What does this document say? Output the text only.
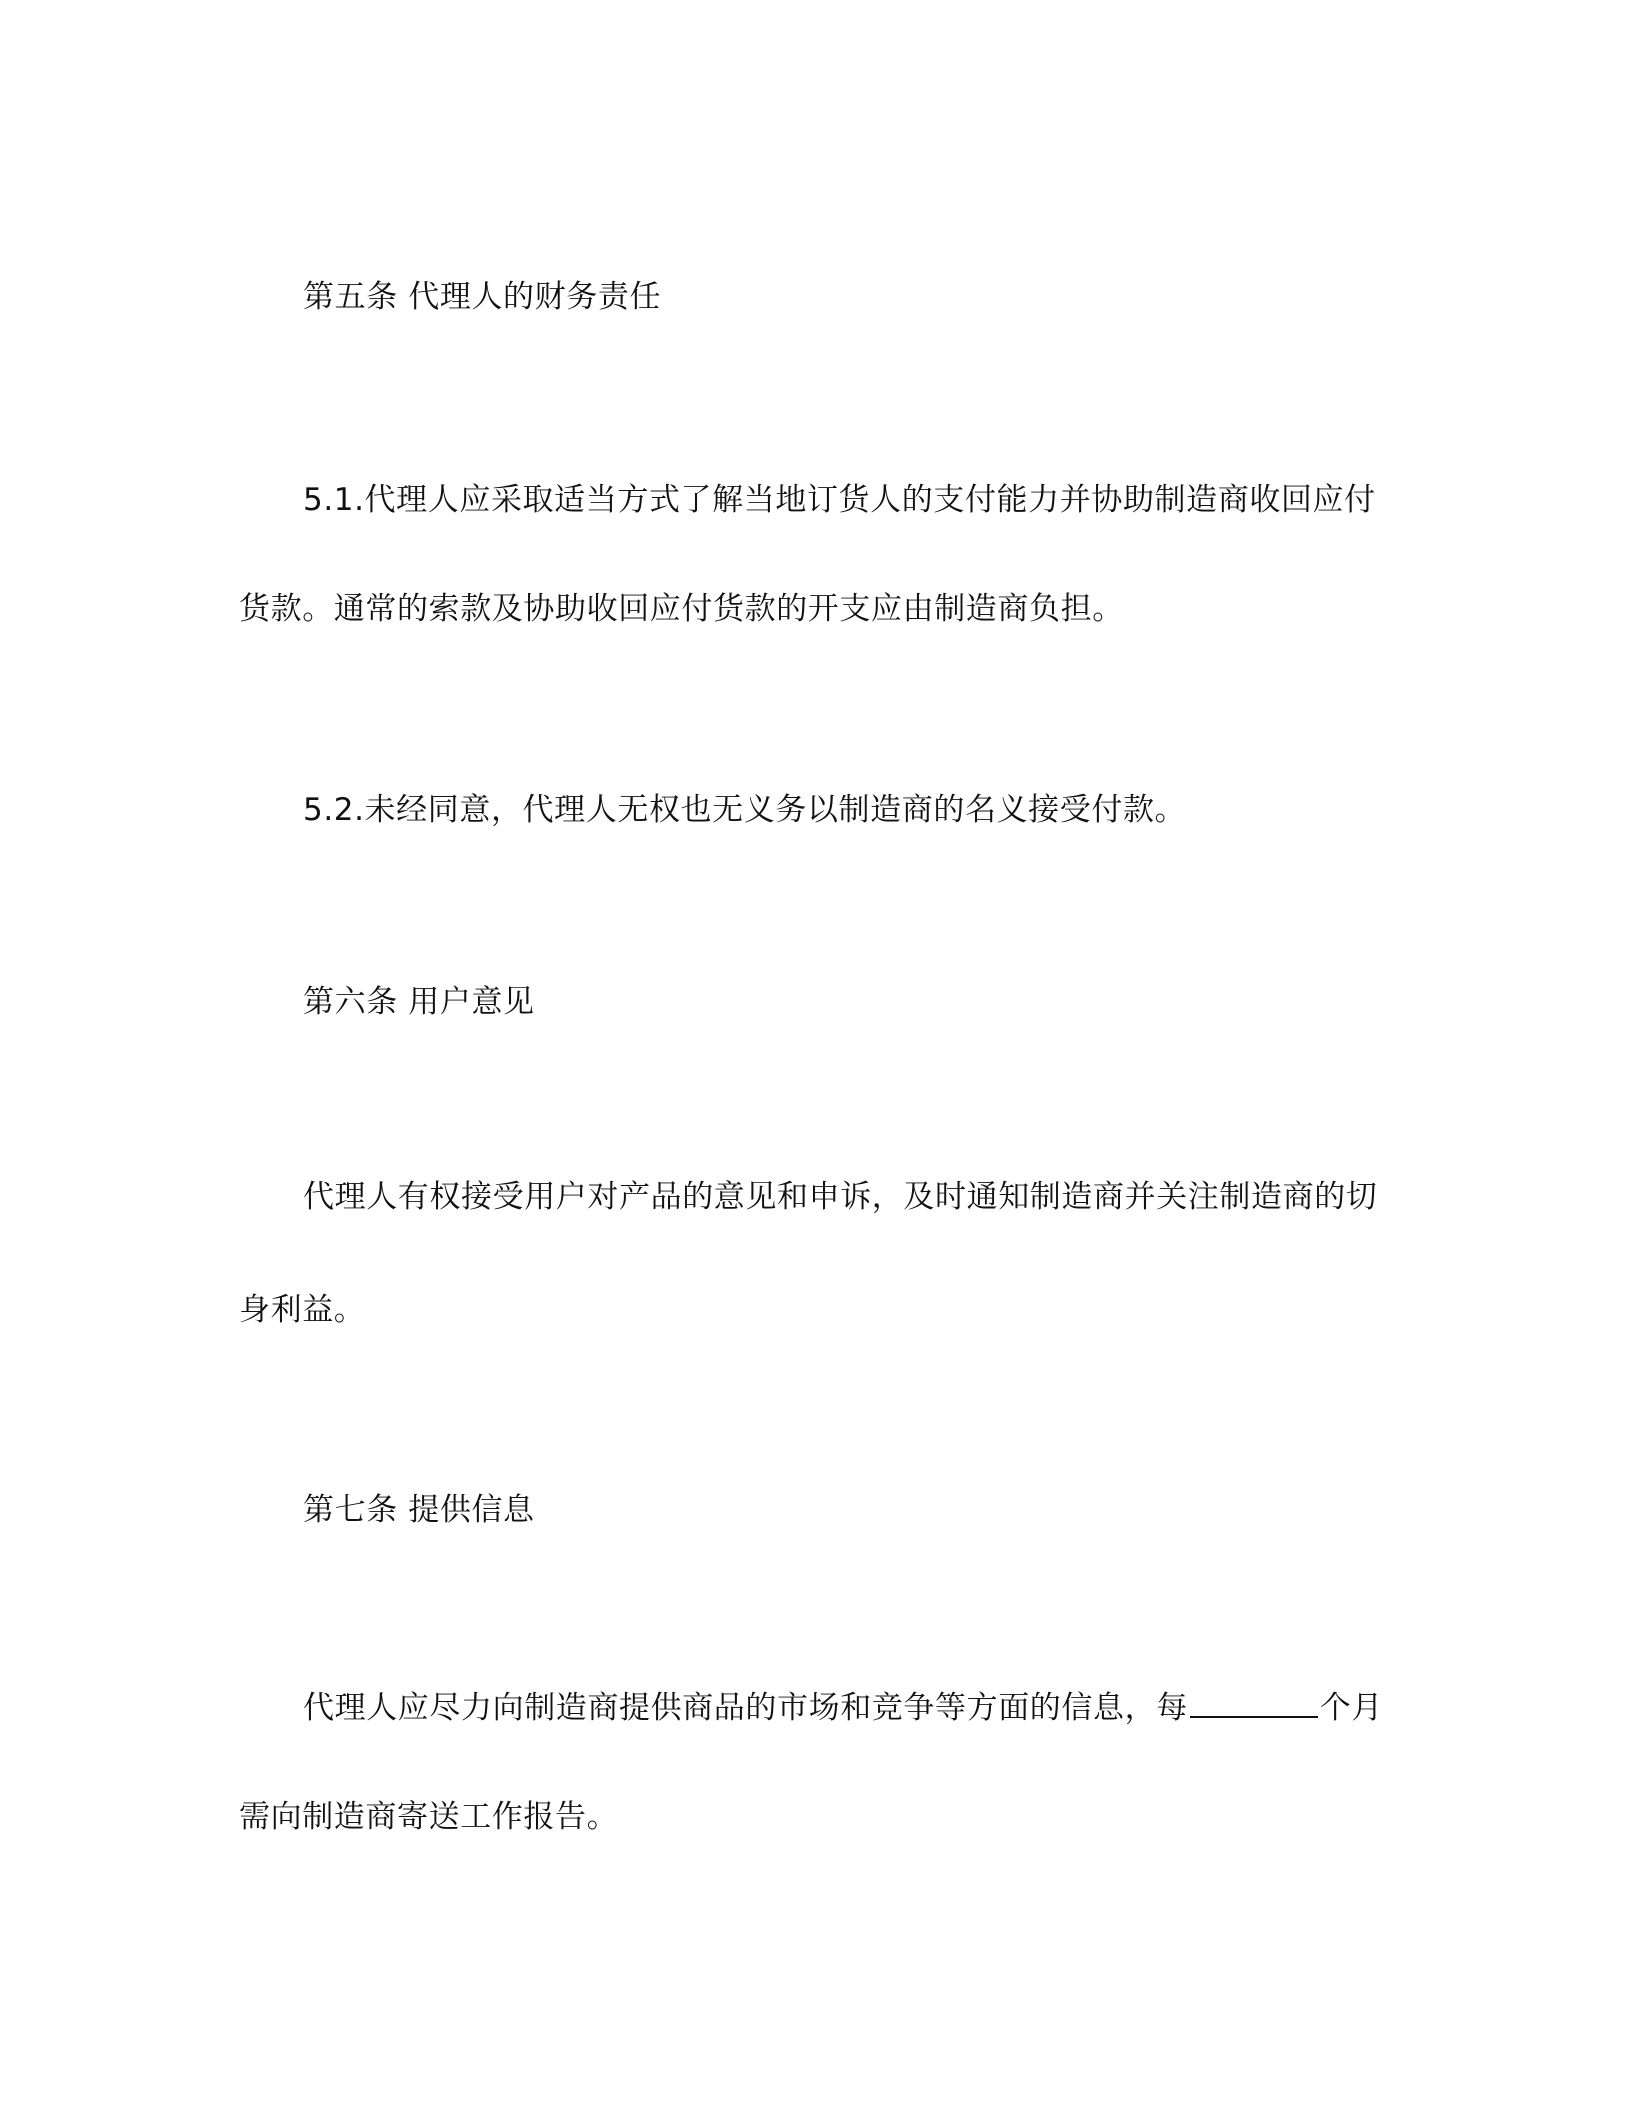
第五条 代理人的财务责任
5.1.代理人应采取适当方式了解当地订货人的支付能力并协助制造商收回应付
货款。通常的索款及协助收回应付货款的开支应由制造商负担。
5.2.未经同意，代理人无权也无义务以制造商的名义接受付款。
第六条 用户意见
代理人有权接受用户对产品的意见和申诉，及时通知制造商并关注制造商的切
身利益。
第七条 提供信息
代理人应尽力向制造商提供商品的市场和竞争等方面的信息，每	个月
需向制造商寄送工作报告。
